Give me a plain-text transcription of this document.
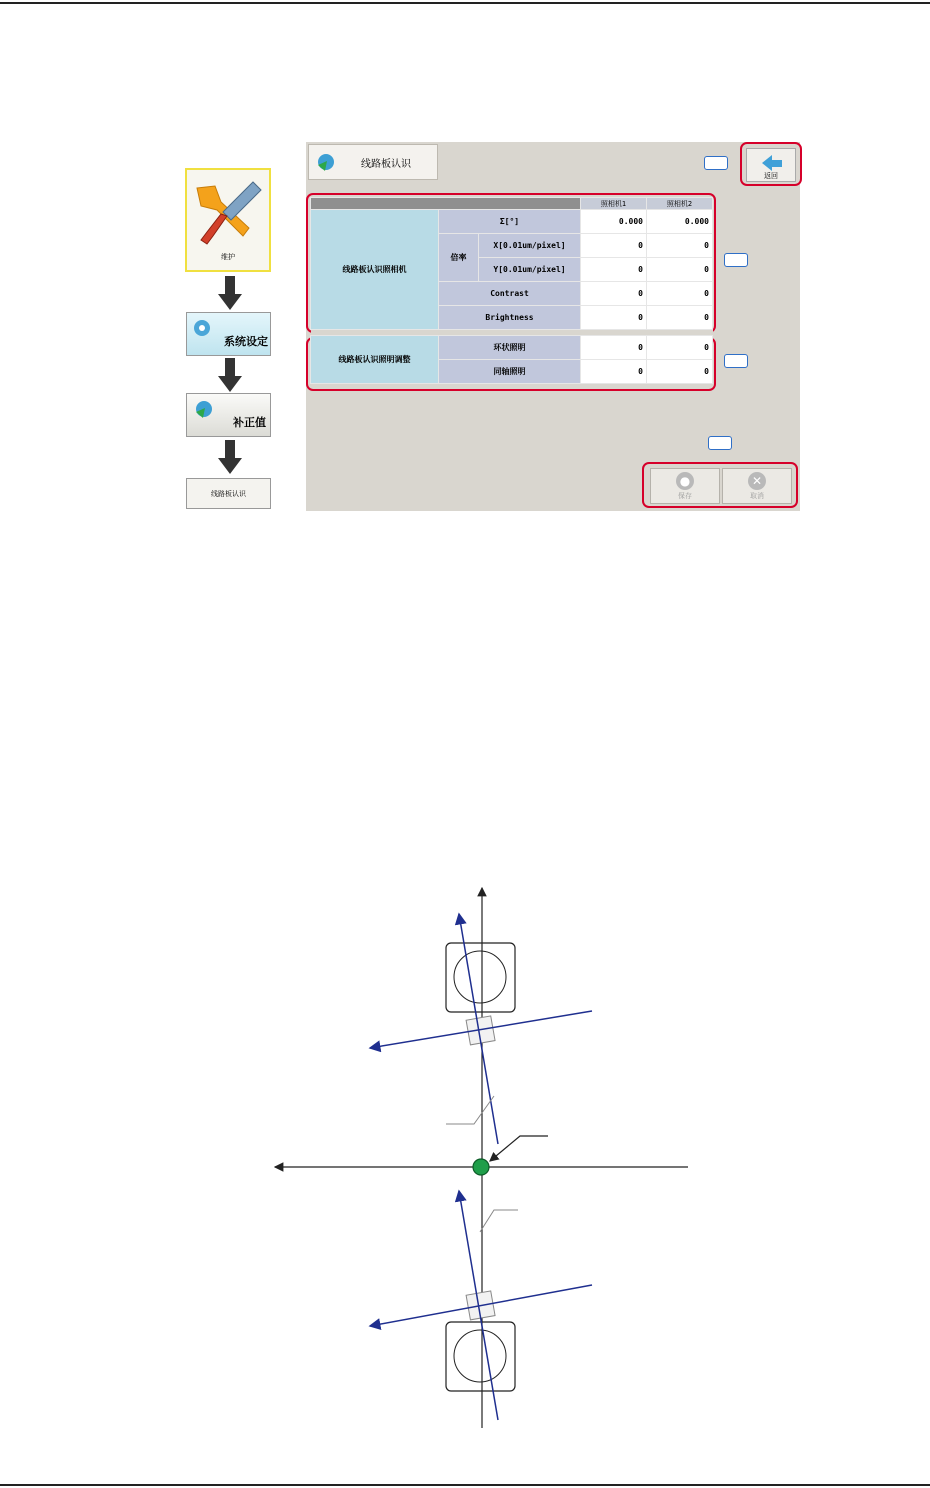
维护
系统设定
补正值
线路板认识
线路板认识
返回
			照相机1	照相机2
线路板认识照相机	Σ[°]		0.000	0.000
	倍率	X[0.01um/pixel]	0	0
		Y[0.01um/pixel]	0	0
	Contrast		0	0
	Brightness		0	0

线路板认识照明调整	环状照明		0	0
	同轴照明		0	0
●
保存
✕
取消
